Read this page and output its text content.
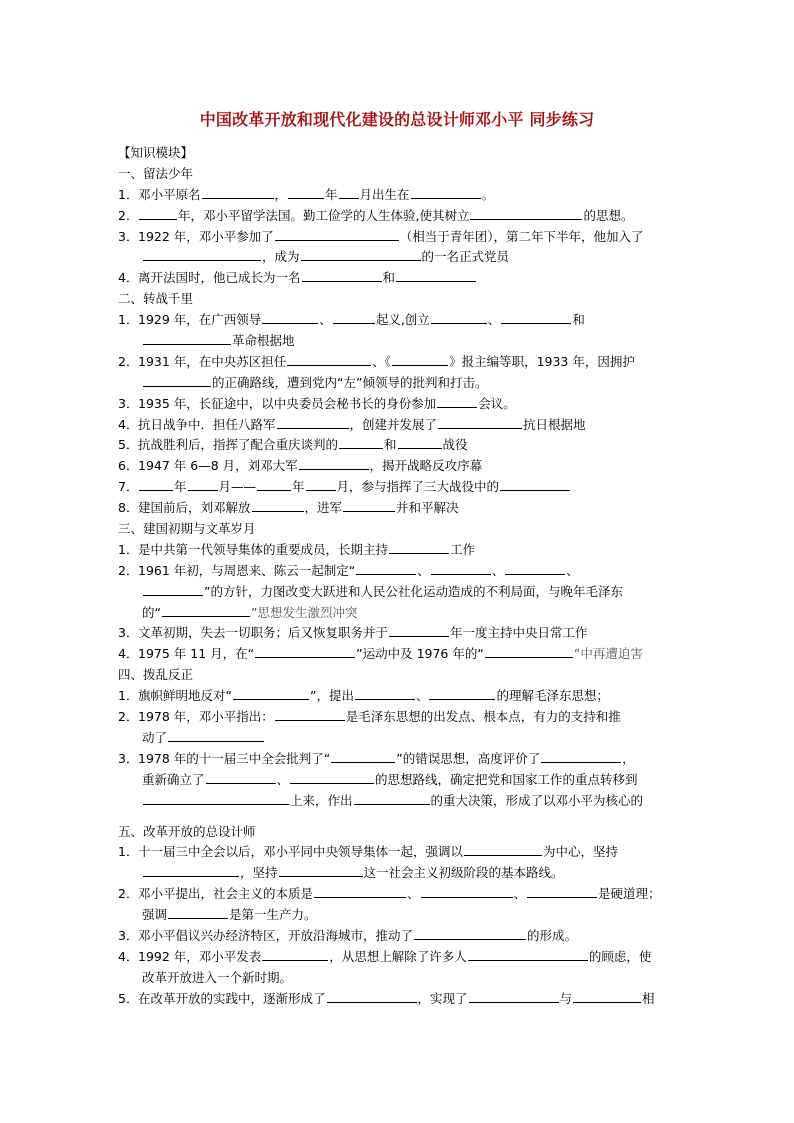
中国改革开放和现代化建设的总设计师邓小平 同步练习
【知识模块】
一、留法少年
1．邓小平原名	，	年 月出生在	。
2．	年，邓小平留学法国。勤工俭学的人生体验,使其树立	的思想。
3．1922 年，邓小平参加了	（相当于青年团），第二年下半年，他加入了
，成为	的一名正式党员
4．离开法国时，他已成长为一名	和
二、转战千里
1．1929 年，在广西领导	、	起义,创立	、	和
革命根据地
2．1931 年，在中央苏区担任	、《	》报主编等职，1933 年，因拥护
的正确路线，遭到党内“左”倾领导的批判和打击。
3．1935 年，长征途中，以中央委员会秘书长的身份参加	会议。
4．抗日战争中．担任八路军	，创建并发展了	抗日根据地
5．抗战胜利后，指挥了配合重庆谈判的	和	战役
6．1947 年 6—8 月，刘邓大军	，揭开战略反攻序幕
7．	年	月——	年	月，参与指挥了三大战役中的
8．建国前后，刘邓解放	，进军	并和平解决
三、建国初期与文革岁月
1．是中共第一代领导集体的重要成员，长期主持	工作
2．1961 年初，与周恩来、陈云一起制定“	、	、	、
”的方针，力图改变大跃进和人民公社化运动造成的不利局面，与晚年毛泽东
的“	”思想发生激烈冲突
3．文革初期，失去一切职务；后又恢复职务并于	年一度主持中央日常工作
4．1975 年 11 月，在“	”运动中及 1976 年的“	”中再遭迫害
四、拨乱反正
1．旗帜鲜明地反对“	”，提出	、	的理解毛泽东思想；
2．1978 年，邓小平指出：	是毛泽东思想的出发点、根本点，有力的支持和推
动了
3．1978 年的十一届三中全会批判了“	”的错误思想，高度评价了	，
重新确立了	、	的思想路线，确定把党和国家工作的重点转移到
上来，作出	的重大决策，形成了以邓小平为核心的
五、改革开放的总设计师
1．十一届三中全会以后，邓小平同中央领导集体一起，强调以	为中心，坚持
，坚持	这一社会主义初级阶段的基本路线。
2．邓小平提出，社会主义的本质是	、	、	是硬道理；
强调	是第一生产力。
3．邓小平倡议兴办经济特区，开放沿海城市，推动了	的形成。
4．1992 年，邓小平发表	，从思想上解除了许多人	的顾虑，使
改革开放进入一个新时期。
5．在改革开放的实践中，逐渐形成了	，实现了	与	相
